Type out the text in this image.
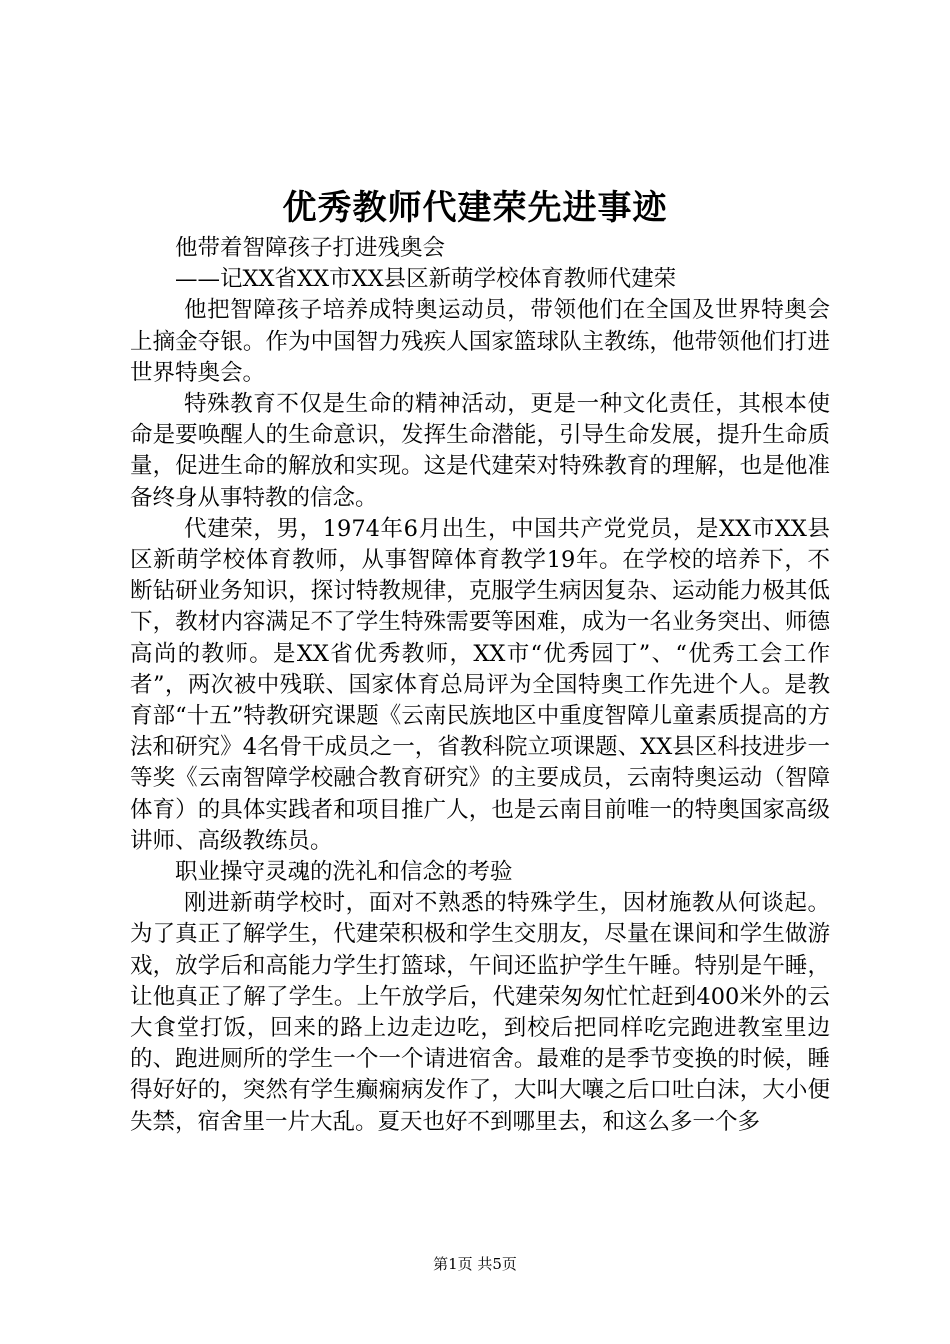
优秀教师代建荣先进事迹

他带着智障孩子打进残奥会

——记XX省XX市XX县区新萌学校体育教师代建荣

他把智障孩子培养成特奥运动员，带领他们在全国及世界特奥会上摘金夺银。作为中国智力残疾人国家篮球队主教练，他带领他们打进世界特奥会。

特殊教育不仅是生命的精神活动，更是一种文化责任，其根本使命是要唤醒人的生命意识，发挥生命潜能，引导生命发展，提升生命质量，促进生命的解放和实现。这是代建荣对特殊教育的理解，也是他准备终身从事特教的信念。

代建荣，男，1974年6月出生，中国共产党党员，是XX市XX县区新萌学校体育教师，从事智障体育教学19年。在学校的培养下，不断钻研业务知识，探讨特教规律，克服学生病因复杂、运动能力极其低下，教材内容满足不了学生特殊需要等困难，成为一名业务突出、师德高尚的教师。是XX省优秀教师，XX市“优秀园丁”、“优秀工会工作者”，两次被中残联、国家体育总局评为全国特奥工作先进个人。是教育部“十五”特教研究课题《云南民族地区中重度智障儿童素质提高的方法和研究》4名骨干成员之一，省教科院立项课题、XX县区科技进步一等奖《云南智障学校融合教育研究》的主要成员，云南特奥运动（智障体育）的具体实践者和项目推广人，也是云南目前唯一的特奥国家高级讲师、高级教练员。

职业操守灵魂的洗礼和信念的考验

刚进新萌学校时，面对不熟悉的特殊学生，因材施教从何谈起。为了真正了解学生，代建荣积极和学生交朋友，尽量在课间和学生做游戏，放学后和高能力学生打篮球，午间还监护学生午睡。特别是午睡，让他真正了解了学生。上午放学后，代建荣匆匆忙忙赶到400米外的云大食堂打饭，回来的路上边走边吃，到校后把同样吃完跑进教室里边的、跑进厕所的学生一个一个请进宿舍。最难的是季节变换的时候，睡得好好的，突然有学生癫痫病发作了，大叫大嚷之后口吐白沫，大小便失禁，宿舍里一片大乱。夏天也好不到哪里去，和这么多一个多

第1页 共5页
